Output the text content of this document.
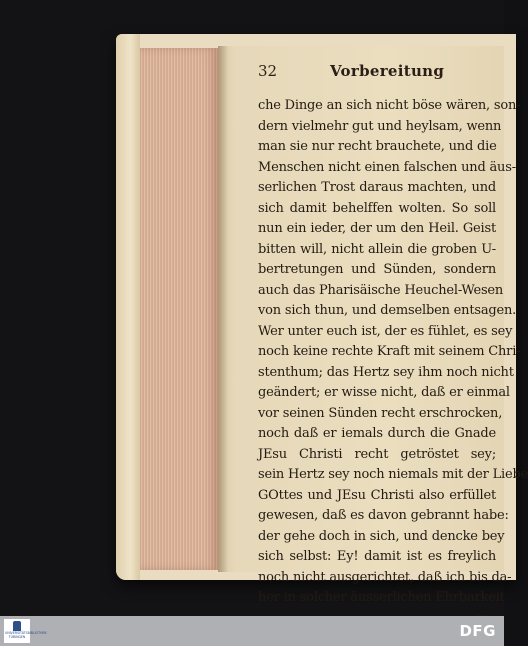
32	Vorbereitung
che Dinge an sich nicht böse wären, son-
dern vielmehr gut und heylsam, wenn
man sie nur recht brauchete, und die
Menschen nicht einen falschen und äus-
serlichen Trost daraus machten, und
sich damit behelffen wolten. So soll
nun ein ieder, der um den Heil. Geist
bitten will, nicht allein die groben U-
bertretungen und Sünden, sondern
auch das Pharisäische Heuchel-Wesen
von sich thun, und demselben entsagen.
Wer unter euch ist, der es fühlet, es sey
noch keine rechte Kraft mit seinem Chri-
stenthum; das Hertz sey ihm noch nicht
geändert; er wisse nicht, daß er einmal
vor seinen Sünden recht erschrocken,
noch daß er iemals durch die Gnade
JEsu Christi recht getröstet sey;
sein Hertz sey noch niemals mit der Liebe
GOttes und JEsu Christi also erfüllet
gewesen, daß es davon gebrannt habe:
der gehe doch in sich, und dencke bey
sich selbst: Ey! damit ist es freylich
noch nicht ausgerichtet, daß ich bis da-
her in solcher äusserlichen Ehrbarkeit
UNIVERSITÄTSBIBLIOTHEK TÜBINGEN	DFG
